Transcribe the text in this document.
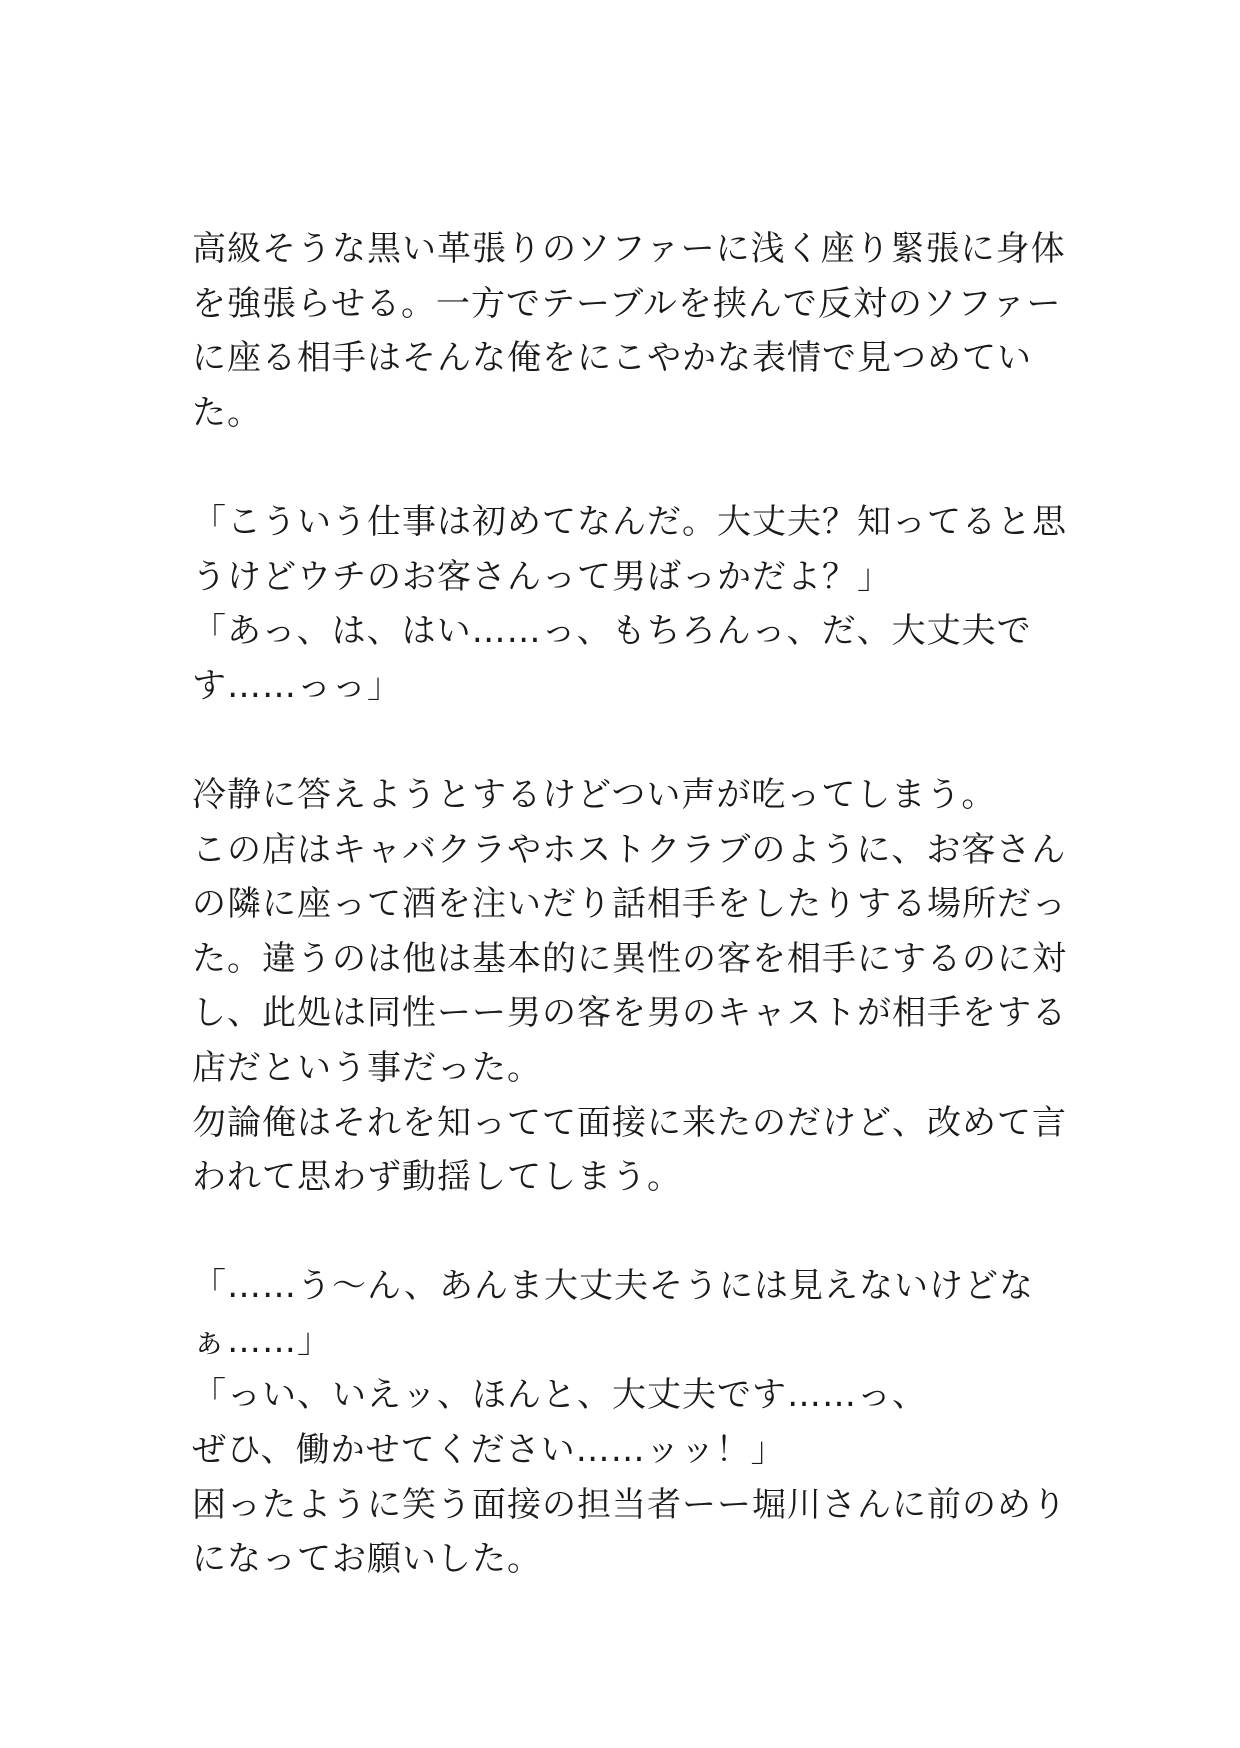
高級そうな黒い革張りのソファーに浅く座り緊張に身体
を強張らせる。一方でテーブルを挟んで反対のソファー
に座る相手はそんな俺をにこやかな表情で見つめてい
た。
「こういう仕事は初めてなんだ。大丈夫？知ってると思
うけどウチのお客さんって男ばっかだよ？」
「あっ、は、はい……っ、もちろんっ、だ、大丈夫で
す……っっ」
冷静に答えようとするけどつい声が吃ってしまう。
この店はキャバクラやホストクラブのように、お客さん
の隣に座って酒を注いだり話相手をしたりする場所だっ
た。違うのは他は基本的に異性の客を相手にするのに対
し、此処は同性ーー男の客を男のキャストが相手をする
店だという事だった。
勿論俺はそれを知ってて面接に来たのだけど、改めて言
われて思わず動揺してしまう。
「……う～ん、あんま大丈夫そうには見えないけどな
ぁ……」
「っい、いえッ、ほんと、大丈夫です……っ、
ぜひ、働かせてください……ッッ！」
困ったように笑う面接の担当者ーー堀川さんに前のめり
になってお願いした。
